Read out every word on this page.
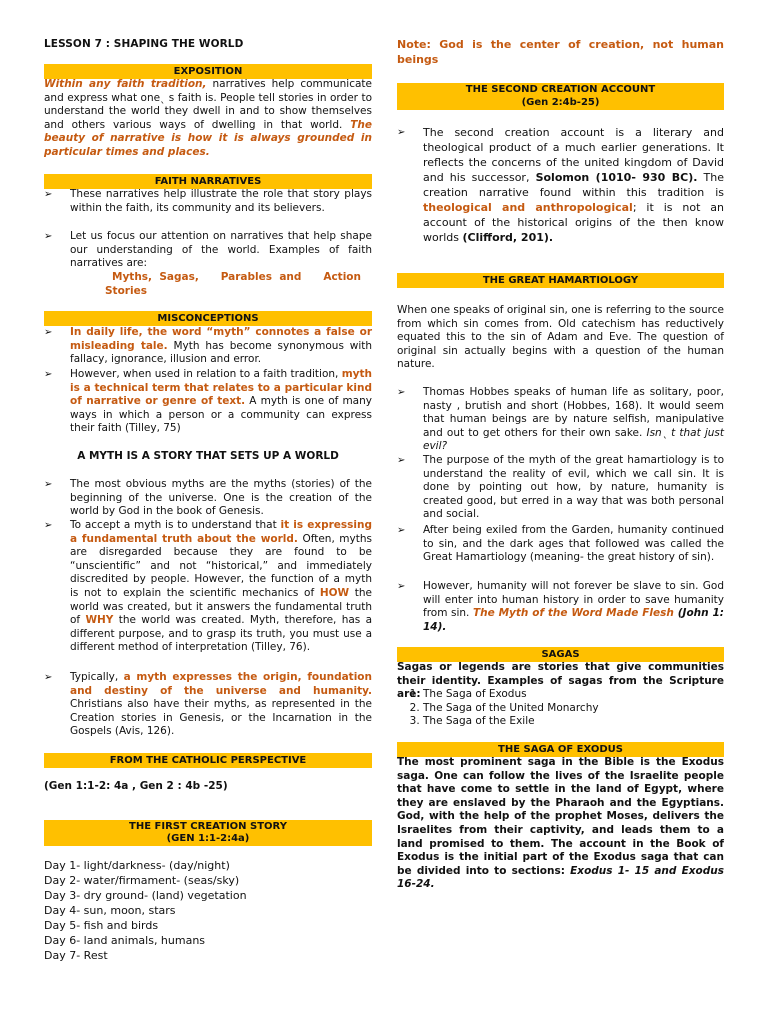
LESSON 7 : SHAPING THE WORLD
EXPOSITION
Within any faith tradition, narratives help communicate and express what oneˎ s faith is. People tell stories in order to understand the world they dwell in and to show themselves and others various ways of dwelling in that world. The beauty of narrative is how it is always grounded in particular times and places.
FAITH NARRATIVES
➢ These narratives help illustrate the role that story plays within the faith, its community and its believers.
➢ Let us focus our attention on narratives that help shape our understanding of the world. Examples of faith narratives are:
Myths,  Sagas,      Parables  and      Action
Stories
MISCONCEPTIONS
➢ In daily life, the word “myth” connotes a false or misleading tale. Myth has become synonymous with fallacy, ignorance, illusion and error.
➢ However, when used in relation to a faith tradition, myth is a technical term that relates to a particular kind of narrative or genre of text. A myth is one of many ways in which a person or a community can express their faith (Tilley, 75)
A MYTH IS A STORY THAT SETS UP A WORLD
➢ The most obvious myths are the myths (stories) of the beginning of the universe. One is the creation of the world by God in the book of Genesis.
➢ To accept a myth is to understand that it is expressing a fundamental truth about the world. Often, myths are disregarded because they are found to be “unscientific” and not “historical,” and immediately discredited by people. However, the function of a myth is not to explain the scientific mechanics of HOW the world was created, but it answers the fundamental truth of WHY the world was created. Myth, therefore, has a different purpose, and to grasp its truth, you must use a different method of interpretation (Tilley, 76).
➢ Typically, a myth expresses the origin, foundation and destiny of the universe and humanity. Christians also have their myths, as represented in the Creation stories in Genesis, or the Incarnation in the Gospels (Avis, 126).
FROM THE CATHOLIC PERSPECTIVE
(Gen 1:1-2: 4a , Gen 2 : 4b -25)
THE FIRST CREATION STORY
(GEN 1:1-2:4a)
Day 1- light/darkness- (day/night)
Day 2- water/firmament- (seas/sky)
Day 3- dry ground- (land) vegetation
Day 4- sun, moon, stars
Day 5- fish and birds
Day 6- land animals, humans
Day 7- Rest
Note: God is the center of creation, not human beings
THE SECOND CREATION ACCOUNT
(Gen 2:4b-25)
➢ The second creation account is a literary and theological product of a much earlier generations. It reflects the concerns of the united kingdom of David and his successor, Solomon (1010- 930 BC). The creation narrative found within this tradition is theological and anthropological; it is not an account of the historical origins of the then know worlds (Clifford, 201).
THE GREAT HAMARTIOLOGY
When one speaks of original sin, one is referring to the source from which sin comes from. Old catechism has reductively equated this to the sin of Adam and Eve. The question of original sin actually begins with a question of the human nature.
➢ Thomas Hobbes speaks of human life as solitary, poor, nasty , brutish and short (Hobbes, 168). It would seem that human beings are by nature selfish, manipulative and out to get others for their own sake. Isnˎ t that just evil?
➢ The purpose of the myth of the great hamartiology is to understand the reality of evil, which we call sin. It is done by pointing out how, by nature, humanity is created good, but erred in a way that was both personal and social.
➢ After being exiled from the Garden, humanity continued to sin, and the dark ages that followed was called the Great Hamartiology (meaning- the great history of sin).
➢ However, humanity will not forever be slave to sin. God will enter into human history in order to save humanity from sin. The Myth of the Word Made Flesh (John 1: 14).
SAGAS
Sagas or legends are stories that give communities their identity. Examples of sagas from the Scripture are:
1. The Saga of Exodus
2. The Saga of the United Monarchy
3. The Saga of the Exile
THE SAGA OF EXODUS
The most prominent saga in the Bible is the Exodus saga. One can follow the lives of the Israelite people that have come to settle in the land of Egypt, where they are enslaved by the Pharaoh and the Egyptians. God, with the help of the prophet Moses, delivers the Israelites from their captivity, and leads them to a land promised to them. The account in the Book of Exodus is the initial part of the Exodus saga that can be divided into to sections: Exodus 1- 15 and Exodus 16-24.
